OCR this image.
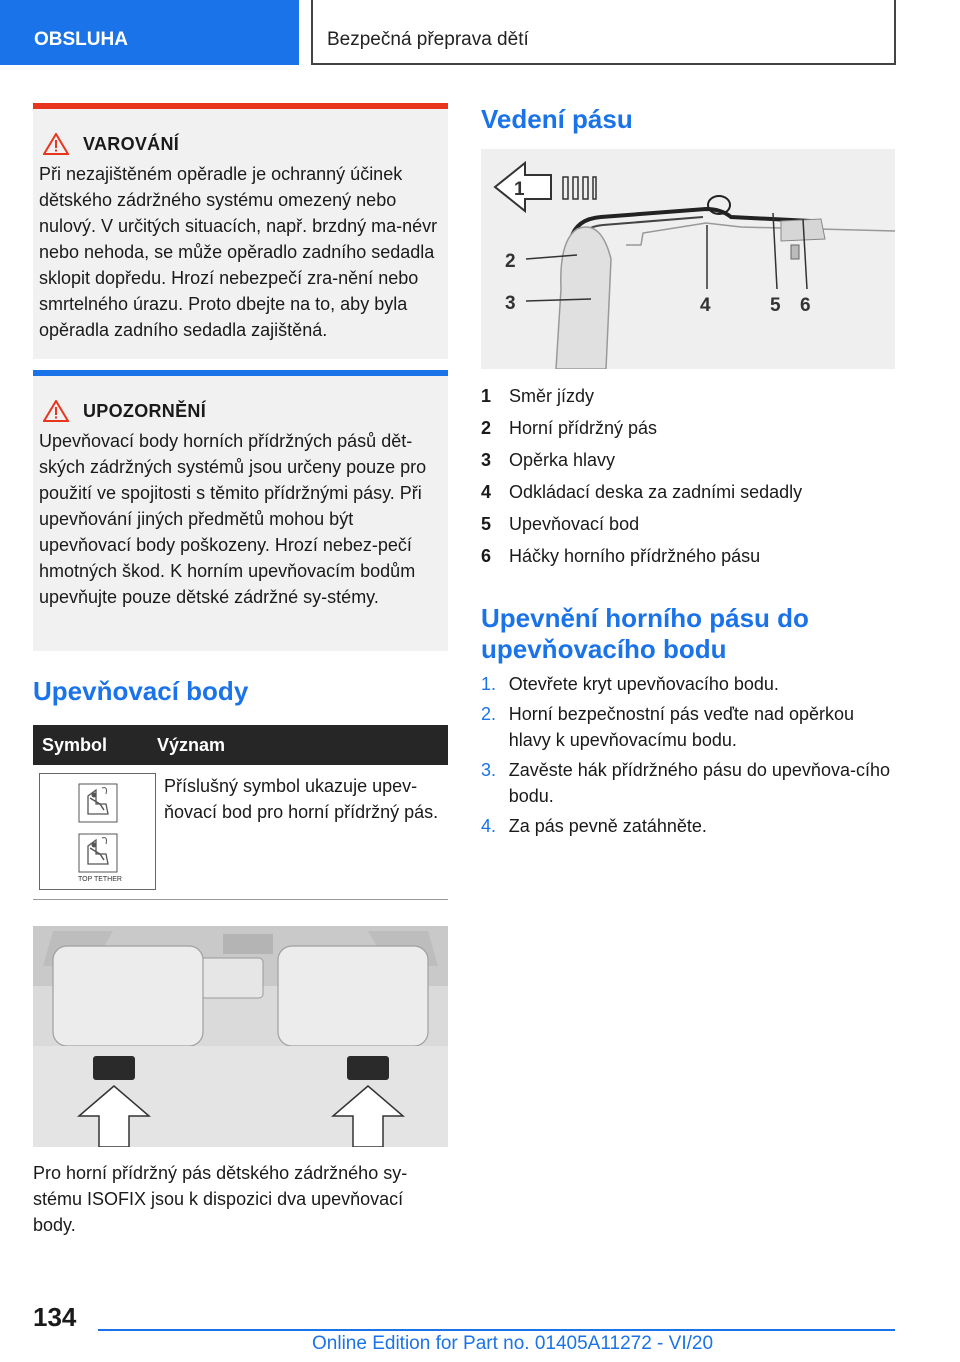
OBSLUHA	Bezpečná přeprava dětí
VAROVÁNÍ
Při nezajištěném opěradle je ochranný účinek dětského zádržného systému omezený nebo nulový. V určitých situacích, např. brzdný ma‐névr nebo nehoda, se může opěradlo zadního sedadla sklopit dopředu. Hrozí nebezpečí zra‐nění nebo smrtelného úrazu. Proto dbejte na to, aby byla opěradla zadního sedadla zajištěná.
UPOZORNĚNÍ
Upevňovací body horních přídržných pásů dět‐ských zádržných systémů jsou určeny pouze pro použití ve spojitosti s těmito přídržnými pásy. Při upevňování jiných předmětů mohou být upevňovací body poškozeny. Hrozí nebez‐pečí hmotných škod. K horním upevňovacím bodům upevňujte pouze dětské zádržné sy‐stémy.
Upevňovací body
Symbol	Význam
TOP TETHER
Příslušný symbol ukazuje upev‐ňovací bod pro horní přídržný pás.
Pro horní přídržný pás dětského zádržného sy‐stému ISOFIX jsou k dispozici dva upevňovací body.
Vedení pásu
1
2
3	4	5 6
1 Směr jízdy
2 Horní přídržný pás
3 Opěrka hlavy
4 Odkládací deska za zadními sedadly
5 Upevňovací bod
6 Háčky horního přídržného pásu
Upevnění horního pásu do
upevňovacího bodu
1. Otevřete kryt upevňovacího bodu.
2. Horní bezpečnostní pás veďte nad opěrkou hlavy k upevňovacímu bodu.
3. Zavěste hák přídržného pásu do upevňova‐cího bodu.
4. Za pás pevně zatáhněte.
134
Online Edition for Part no. 01405A11272 - VI/20
